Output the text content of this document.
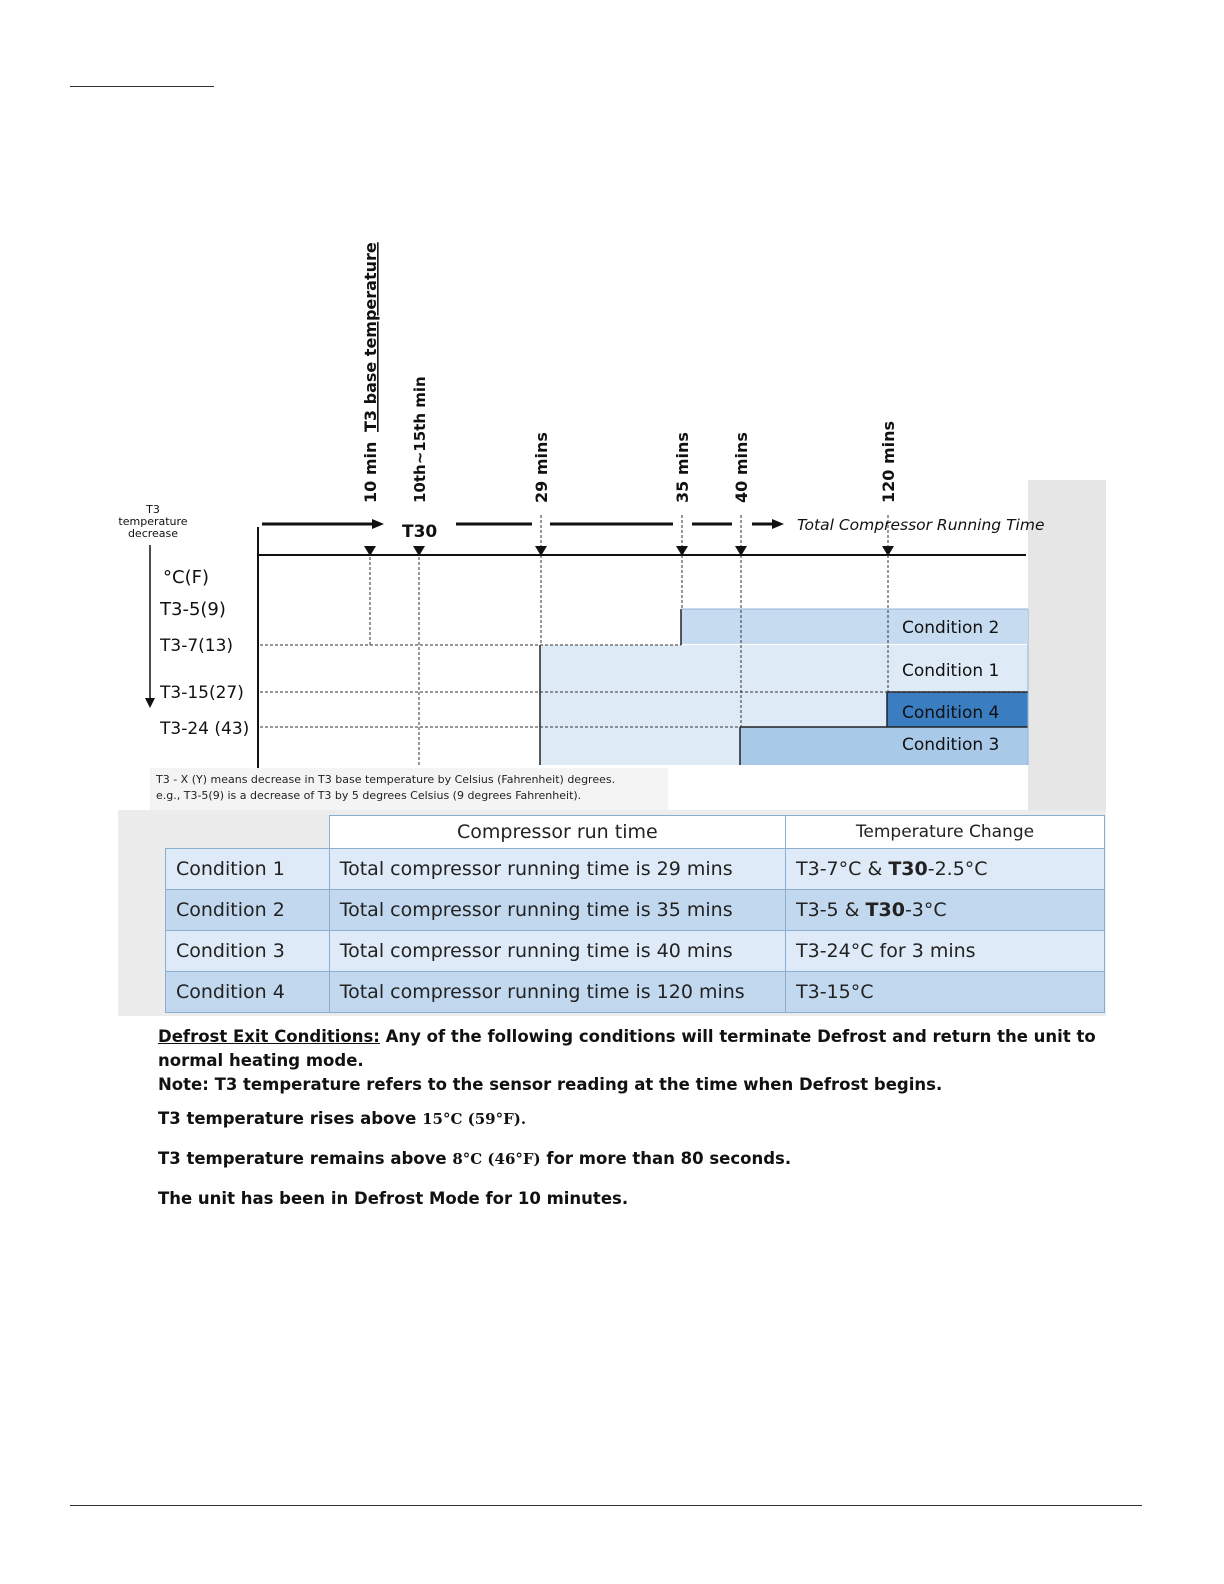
10 min
T3 base temperature
10th~15th min	29 mins	35 mins	40 mins	120 mins
T30	Total Compressor Running Time
T3
temperature
decrease
°C(F)
T3-5(9)
T3-7(13)
T3-15(27)
T3-24 (43)
Condition 2
Condition 1
Condition 4
Condition 3
T3 - X (Y) means decrease in T3 base temperature by Celsius (Fahrenheit) degrees.
e.g., T3-5(9) is a decrease of T3 by 5 degrees Celsius (9 degrees Fahrenheit).
	Compressor run time	Temperature Change
Condition 1	Total compressor running time is 29 mins	T3-7°C & T30-2.5°C
Condition 2	Total compressor running time is 35 mins	T3-5 & T30-3°C
Condition 3	Total compressor running time is 40 mins	T3-24°C for 3 mins
Condition 4	Total compressor running time is 120 mins	T3-15°C

Defrost Exit Conditions: Any of the following conditions will terminate Defrost and return the unit to normal heating mode.

Note: T3 temperature refers to the sensor reading at the time when Defrost begins.

T3 temperature rises above 15°C (59°F).

T3 temperature remains above 8°C (46°F) for more than 80 seconds.

The unit has been in Defrost Mode for 10 minutes.
